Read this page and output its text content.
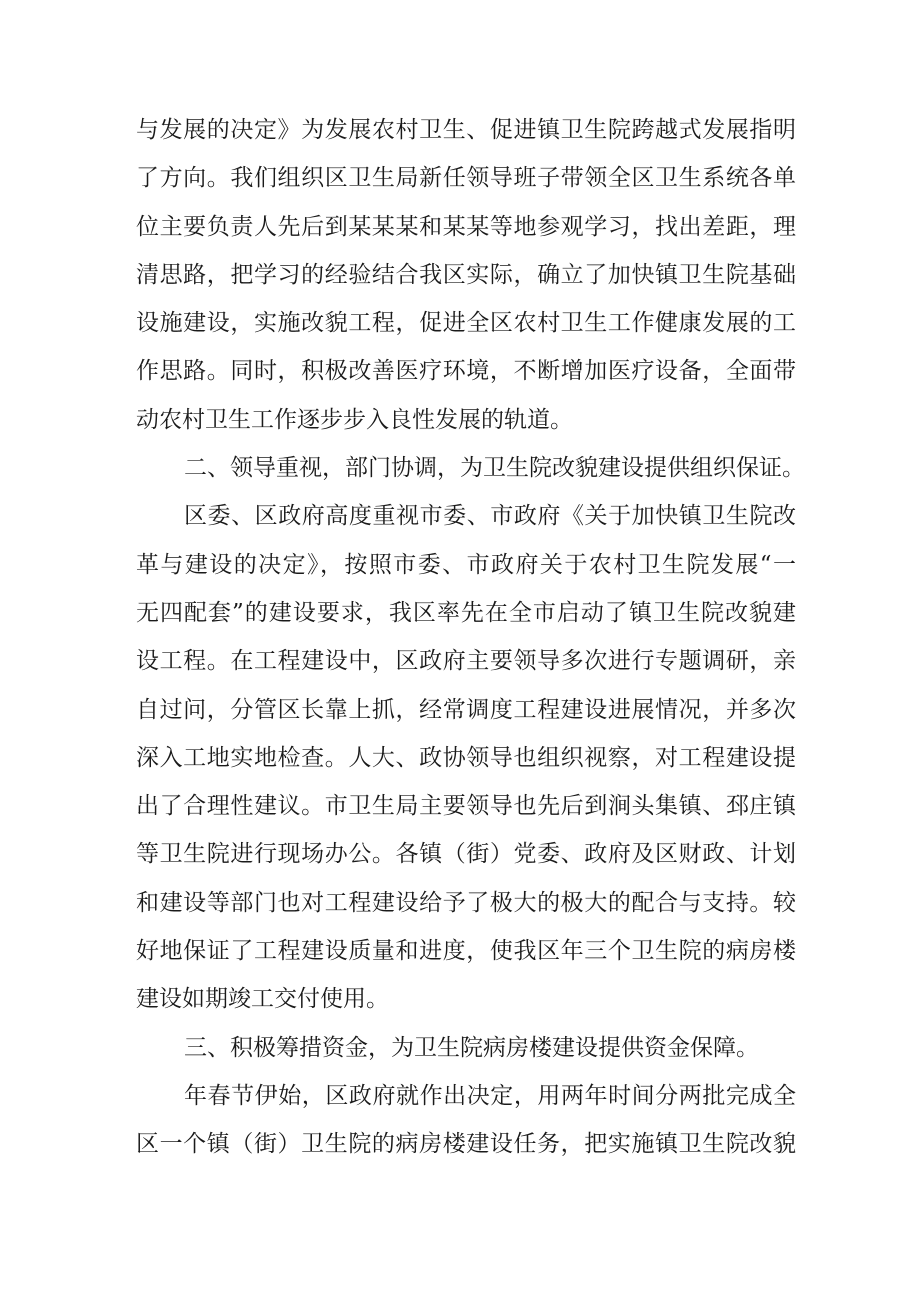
与发展的决定》为发展农村卫生、促进镇卫生院跨越式发展指明
了方向。我们组织区卫生局新任领导班子带领全区卫生系统各单
位主要负责人先后到某某某和某某等地参观学习，找出差距，理
清思路，把学习的经验结合我区实际，确立了加快镇卫生院基础
设施建设，实施改貌工程，促进全区农村卫生工作健康发展的工
作思路。同时，积极改善医疗环境，不断增加医疗设备，全面带
动农村卫生工作逐步步入良性发展的轨道。
二、领导重视，部门协调，为卫生院改貌建设提供组织保证。
区委、区政府高度重视市委、市政府《关于加快镇卫生院改
革与建设的决定》，按照市委、市政府关于农村卫生院发展“一
无四配套”的建设要求，我区率先在全市启动了镇卫生院改貌建
设工程。在工程建设中，区政府主要领导多次进行专题调研，亲
自过问，分管区长靠上抓，经常调度工程建设进展情况，并多次
深入工地实地检查。人大、政协领导也组织视察，对工程建设提
出了合理性建议。市卫生局主要领导也先后到涧头集镇、邳庄镇
等卫生院进行现场办公。各镇（街）党委、政府及区财政、计划
和建设等部门也对工程建设给予了极大的极大的配合与支持。较
好地保证了工程建设质量和进度，使我区年三个卫生院的病房楼
建设如期竣工交付使用。
三、积极筹措资金，为卫生院病房楼建设提供资金保障。
年春节伊始，区政府就作出决定，用两年时间分两批完成全
区一个镇（街）卫生院的病房楼建设任务，把实施镇卫生院改貌
